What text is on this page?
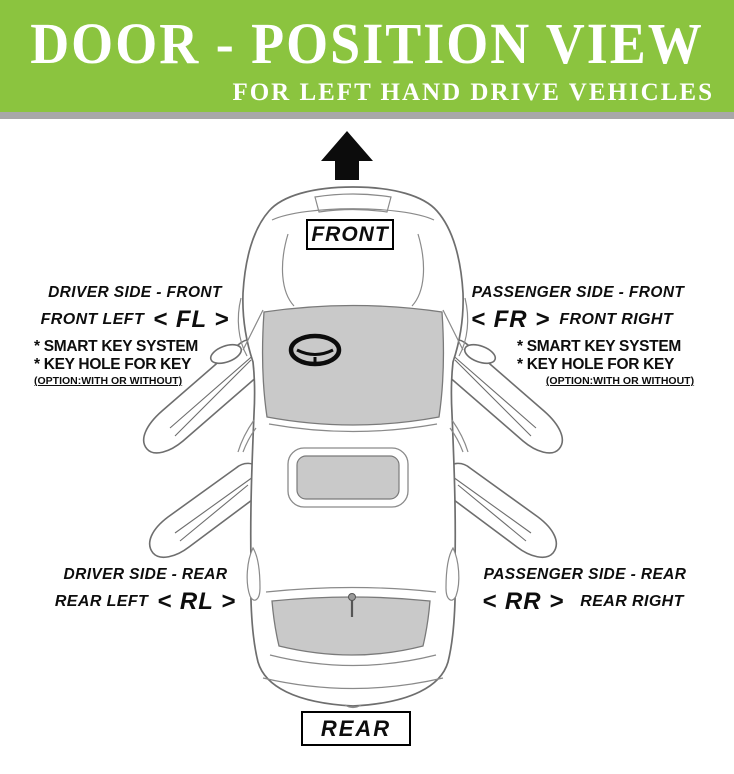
DOOR - POSITION VIEW
FOR LEFT HAND DRIVE VEHICLES
FRONT
REAR
DRIVER SIDE - FRONT
FRONT LEFT < FL >
* SMART KEY SYSTEM
* KEY HOLE FOR KEY
(OPTION:WITH OR WITHOUT)
PASSENGER SIDE - FRONT
< FR > FRONT RIGHT
* SMART KEY SYSTEM
* KEY HOLE FOR KEY
(OPTION:WITH OR WITHOUT)
DRIVER SIDE - REAR
REAR LEFT < RL >
PASSENGER SIDE - REAR
< RR > REAR RIGHT
